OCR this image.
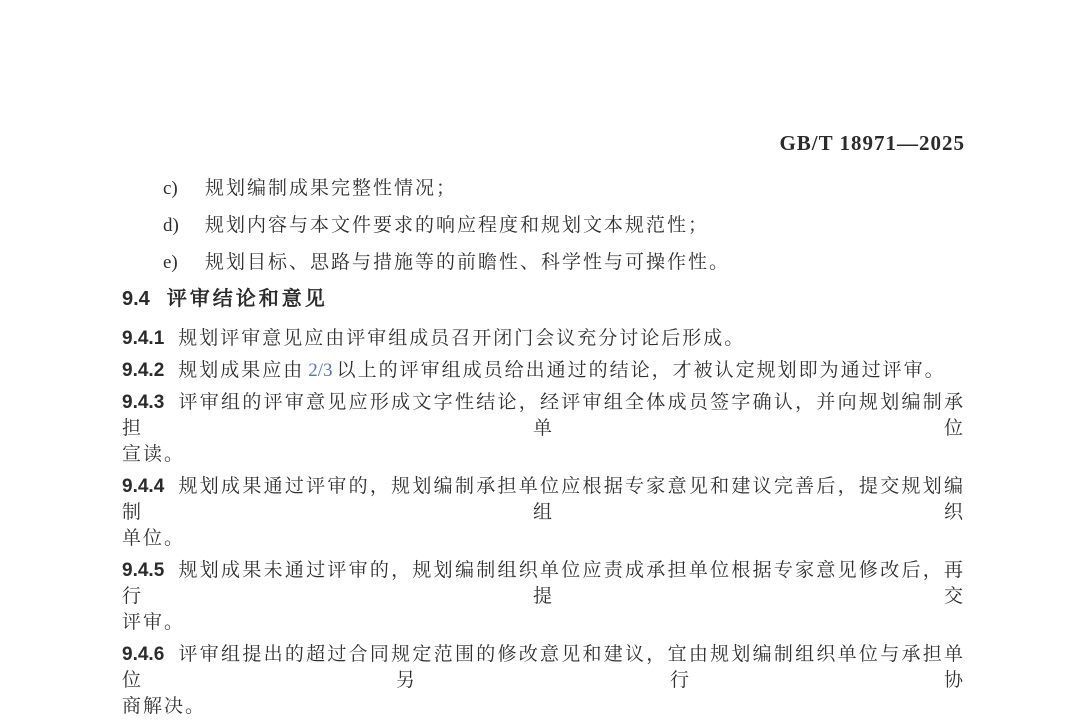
GB/T 18971—2025
c) 规划编制成果完整性情况；
d) 规划内容与本文件要求的响应程度和规划文本规范性；
e) 规划目标、思路与措施等的前瞻性、科学性与可操作性。
9.4 评审结论和意见
9.4.1 规划评审意见应由评审组成员召开闭门会议充分讨论后形成。
9.4.2 规划成果应由 2/3 以上的评审组成员给出通过的结论，才被认定规划即为通过评审。
9.4.3 评审组的评审意见应形成文字性结论，经评审组全体成员签字确认，并向规划编制承担单位
宣读。
9.4.4 规划成果通过评审的，规划编制承担单位应根据专家意见和建议完善后，提交规划编制组织
单位。
9.4.5 规划成果未通过评审的，规划编制组织单位应责成承担单位根据专家意见修改后，再行提交
评审。
9.4.6 评审组提出的超过合同规定范围的修改意见和建议，宜由规划编制组织单位与承担单位另行协
商解决。
